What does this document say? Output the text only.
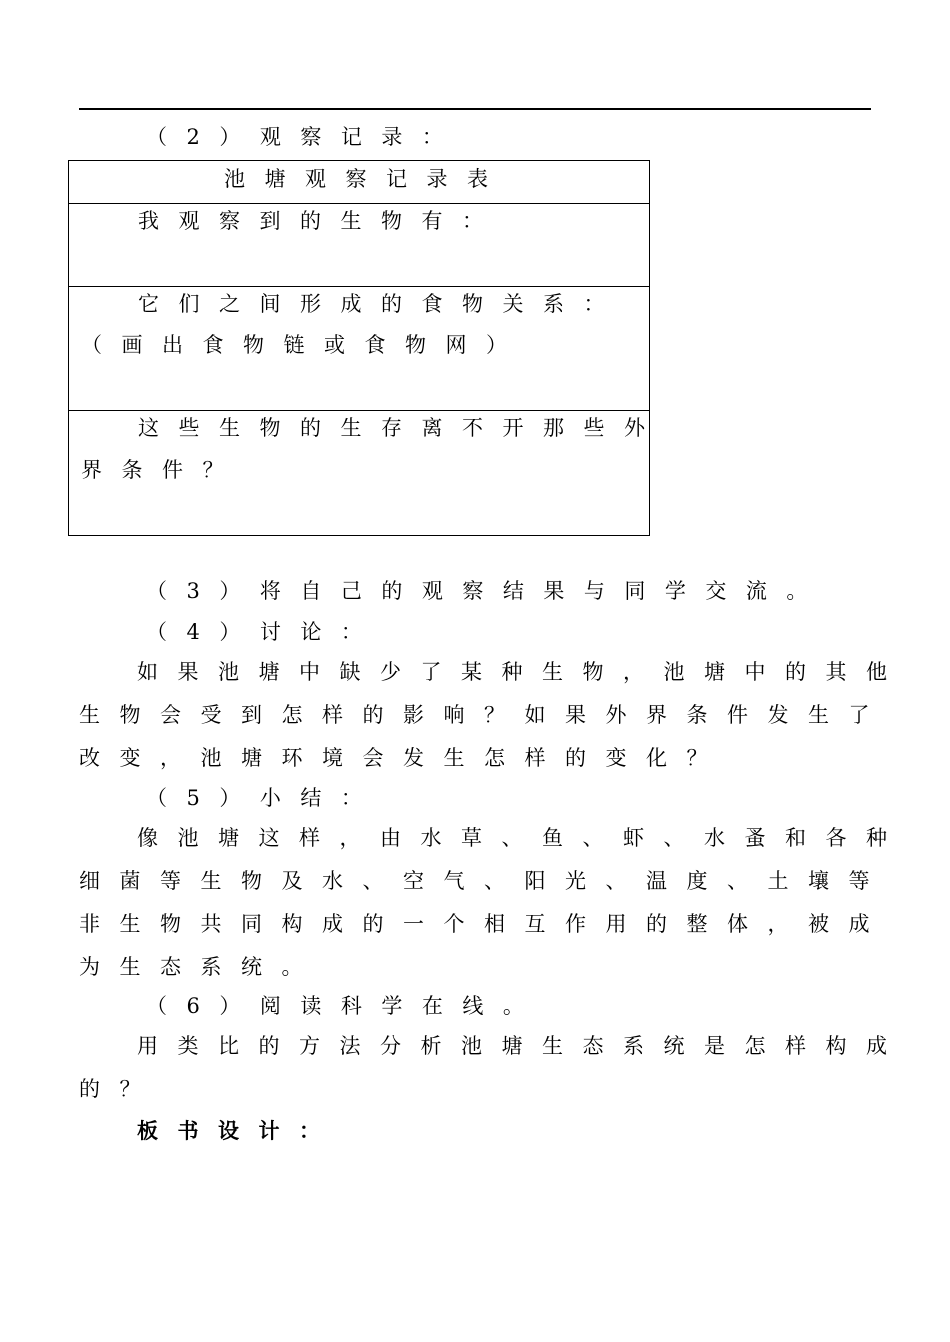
（2）观察记录：
池塘观察记录表

我观察到的生物有：

它们之间形成的食物关系：
（画出食物链或食物网）

这些生物的生存离不开那些外
界条件？
（3）将自己的观察结果与同学交流。
（4）讨论：
如果池塘中缺少了某种生物，池塘中的其他
生物会受到怎样的影响？如果外界条件发生了
改变，池塘环境会发生怎样的变化？
（5）小结：
像池塘这样，由水草、鱼、虾、水蚤和各种
细菌等生物及水、空气、阳光、温度、土壤等
非生物共同构成的一个相互作用的整体，被成
为生态系统。
（6）阅读科学在线。
用类比的方法分析池塘生态系统是怎样构成
的？
板书设计：
